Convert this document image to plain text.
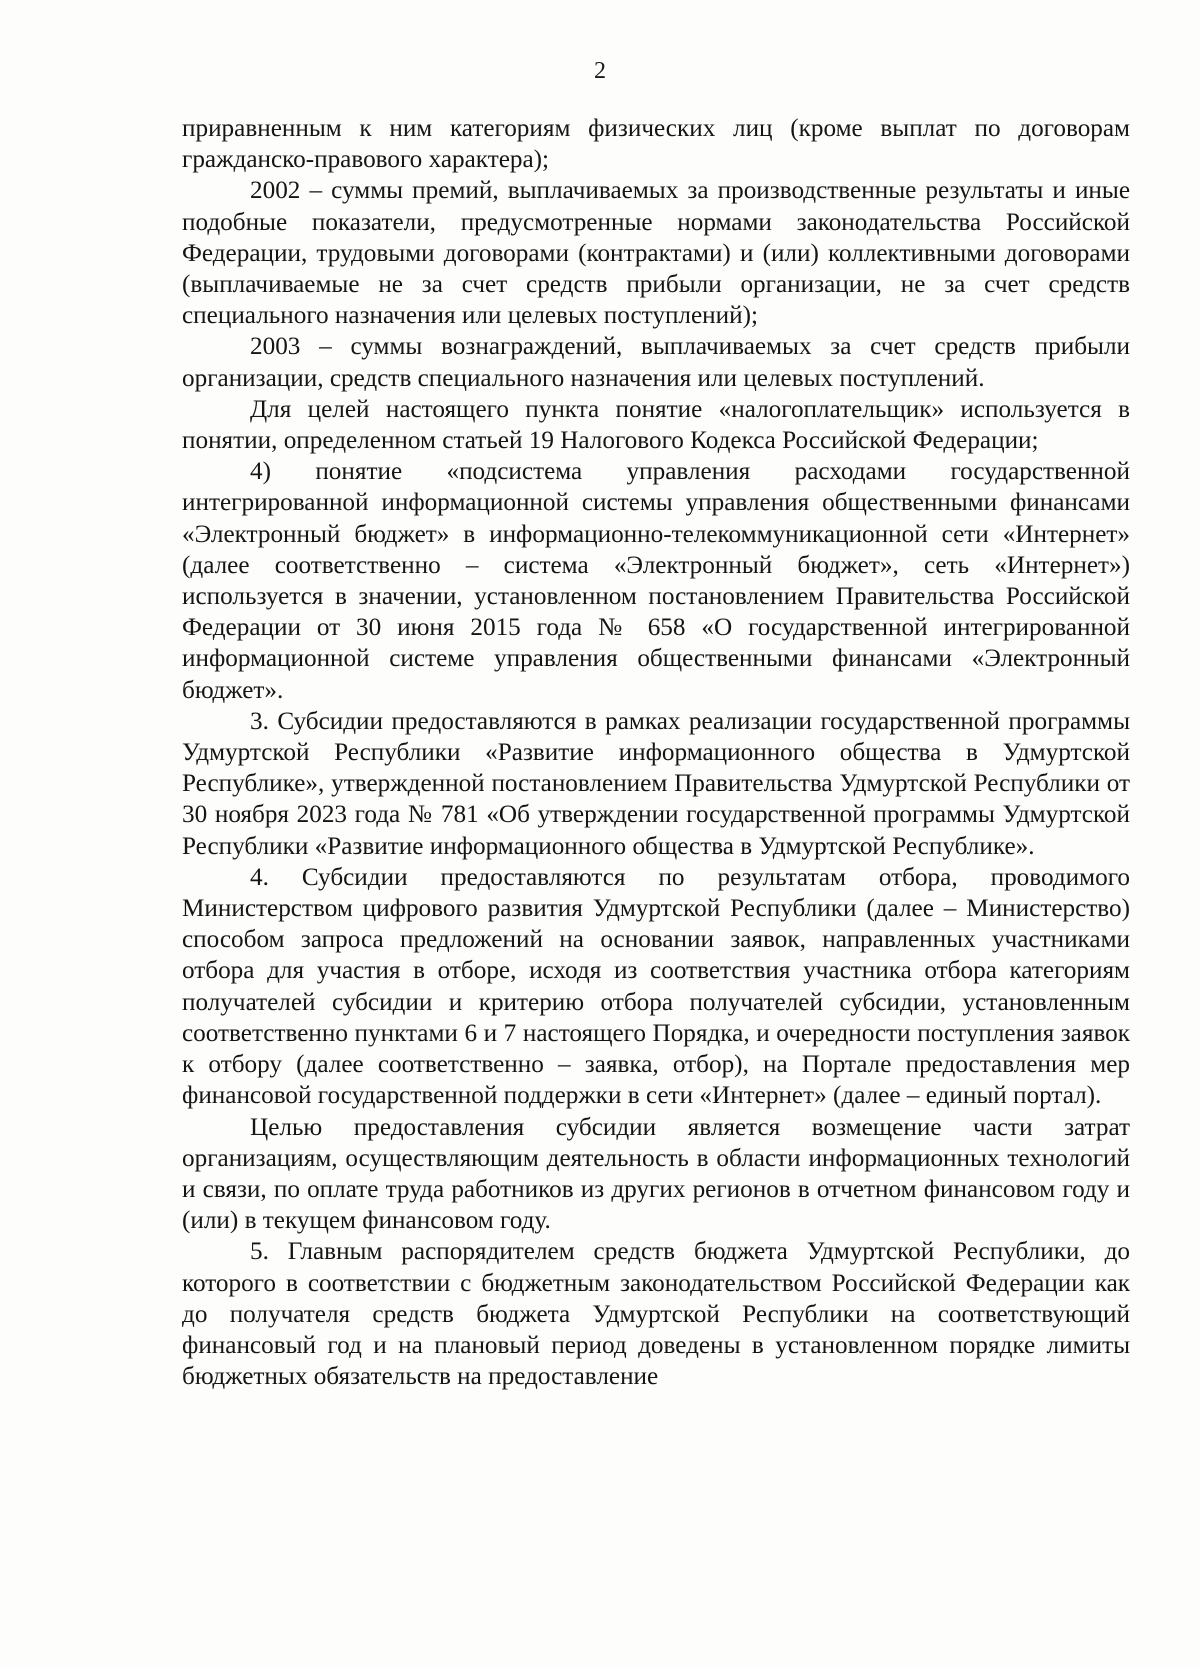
2

приравненным к ним категориям физических лиц (кроме выплат по договорам гражданско-правового характера);

2002 – суммы премий, выплачиваемых за производственные результаты и иные подобные показатели, предусмотренные нормами законодательства Российской Федерации, трудовыми договорами (контрактами) и (или) коллективными договорами (выплачиваемые не за счет средств прибыли организации, не за счет средств специального назначения или целевых поступлений);

2003 – суммы вознаграждений, выплачиваемых за счет средств прибыли организации, средств специального назначения или целевых поступлений.

Для целей настоящего пункта понятие «налогоплательщик» используется в понятии, определенном статьей 19 Налогового Кодекса Российской Федерации;

4) понятие «подсистема управления расходами государственной интегрированной информационной системы управления общественными финансами «Электронный бюджет» в информационно-телекоммуникационной сети «Интернет» (далее соответственно – система «Электронный бюджет», сеть «Интернет») используется в значении, установленном постановлением Правительства Российской Федерации от 30 июня 2015 года № 658 «О государственной интегрированной информационной системе управления общественными финансами «Электронный бюджет».

3. Субсидии предоставляются в рамках реализации государственной программы Удмуртской Республики «Развитие информационного общества в Удмуртской Республике», утвержденной постановлением Правительства Удмуртской Республики от 30 ноября 2023 года № 781 «Об утверждении государственной программы Удмуртской Республики «Развитие информационного общества в Удмуртской Республике».

4. Субсидии предоставляются по результатам отбора, проводимого Министерством цифрового развития Удмуртской Республики (далее – Министерство) способом запроса предложений на основании заявок, направленных участниками отбора для участия в отборе, исходя из соответствия участника отбора категориям получателей субсидии и критерию отбора получателей субсидии, установленным соответственно пунктами 6 и 7 настоящего Порядка, и очередности поступления заявок к отбору (далее соответственно – заявка, отбор), на Портале предоставления мер финансовой государственной поддержки в сети «Интернет» (далее – единый портал).

Целью предоставления субсидии является возмещение части затрат организациям, осуществляющим деятельность в области информационных технологий и связи, по оплате труда работников из других регионов в отчетном финансовом году и (или) в текущем финансовом году.

5. Главным распорядителем средств бюджета Удмуртской Республики, до которого в соответствии с бюджетным законодательством Российской Федерации как до получателя средств бюджета Удмуртской Республики на соответствующий финансовый год и на плановый период доведены в установленном порядке лимиты бюджетных обязательств на предоставление
